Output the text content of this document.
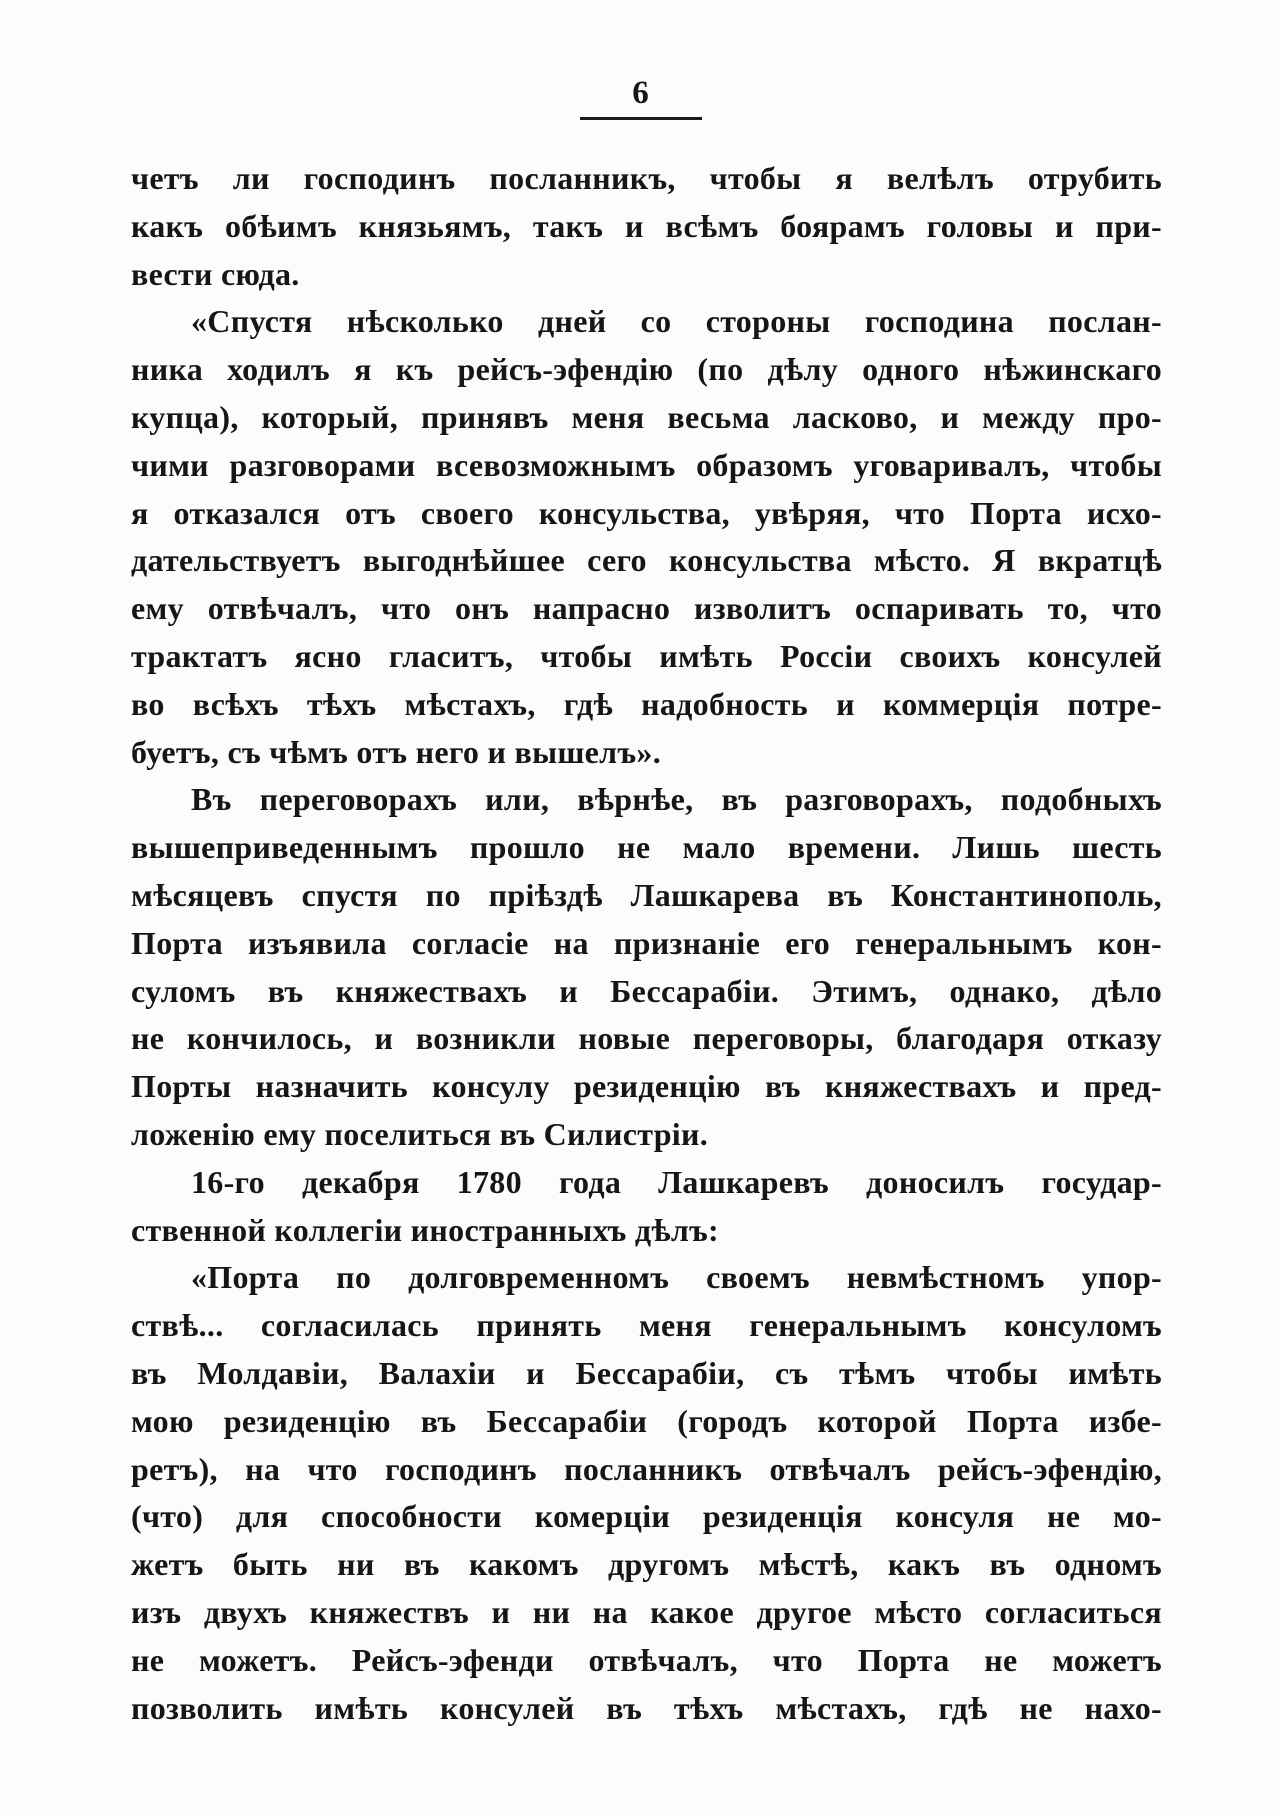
6

четъ ли господинъ посланникъ, чтобы я велѣлъ отрубить
какъ обѣимъ князьямъ, такъ и всѣмъ боярамъ головы и при-
вести сюда.

«Спустя нѣсколько дней со стороны господина послан-
ника ходилъ я къ рейсъ-эфендію (по дѣлу одного нѣжинскаго
купца), который, принявъ меня весьма ласково, и между про-
чими разговорами всевозможнымъ образомъ уговаривалъ, чтобы
я отказался отъ своего консульства, увѣряя, что Порта исхо-
дательствуетъ выгоднѣйшее сего консульства мѣсто. Я вкратцѣ
ему отвѣчалъ, что онъ напрасно изволитъ оспаривать то, что
трактатъ ясно гласитъ, чтобы имѣть Россіи своихъ консулей
во всѣхъ тѣхъ мѣстахъ, гдѣ надобность и коммерція потре-
буетъ, съ чѣмъ отъ него и вышелъ».

Въ переговорахъ или, вѣрнѣе, въ разговорахъ, подобныхъ
вышеприведеннымъ прошло не мало времени. Лишь шесть
мѣсяцевъ спустя по пріѣздѣ Лашкарева въ Константинополь,
Порта изъявила согласіе на признаніе его генеральнымъ кон-
суломъ въ княжествахъ и Бессарабіи. Этимъ, однако, дѣло
не кончилось, и возникли новые переговоры, благодаря отказу
Порты назначить консулу резиденцію въ княжествахъ и пред-
ложенію ему поселиться въ Силистріи.

16-го декабря 1780 года Лашкаревъ доносилъ государ-
ственной коллегіи иностранныхъ дѣлъ:

«Порта по долговременномъ своемъ невмѣстномъ упор-
ствѣ... согласилась принять меня генеральнымъ консуломъ
въ Молдавіи, Валахіи и Бессарабіи, съ тѣмъ чтобы имѣть
мою резиденцію въ Бессарабіи (городъ которой Порта избе-
ретъ), на что господинъ посланникъ отвѣчалъ рейсъ-эфендію,
(что) для способности комерціи резиденція консуля не мо-
жетъ быть ни въ какомъ другомъ мѣстѣ, какъ въ одномъ
изъ двухъ княжествъ и ни на какое другое мѣсто согласиться
не можетъ. Рейсъ-эфенди отвѣчалъ, что Порта не можетъ
позволить имѣть консулей въ тѣхъ мѣстахъ, гдѣ не нахо-
